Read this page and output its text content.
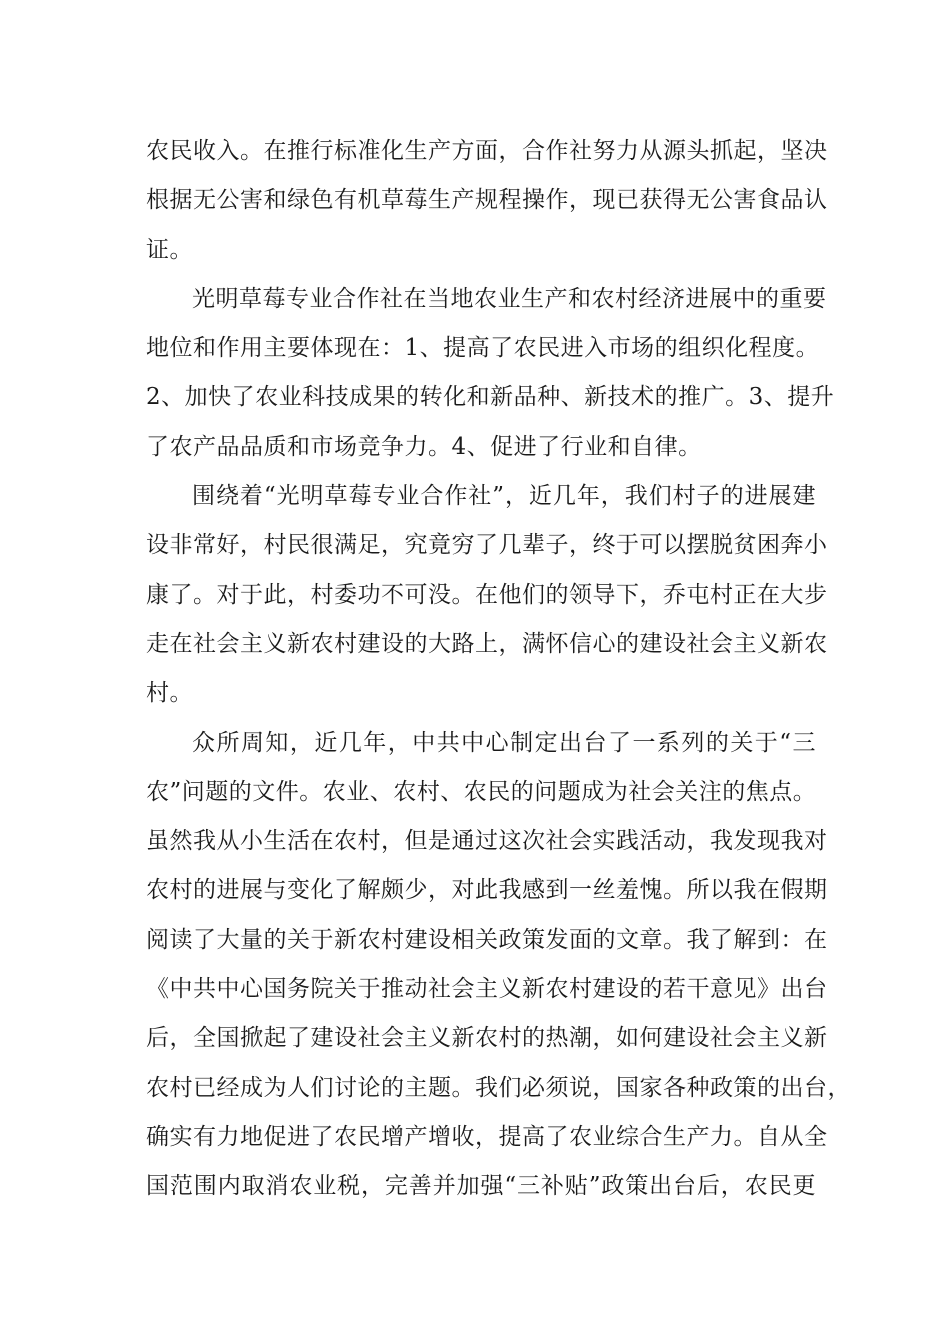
农民收入。在推行标准化生产方面，合作社努力从源头抓起，坚决
根据无公害和绿色有机草莓生产规程操作，现已获得无公害食品认
证。
光明草莓专业合作社在当地农业生产和农村经济进展中的重要
地位和作用主要体现在：1、提高了农民进入市场的组织化程度。
2、加快了农业科技成果的转化和新品种、新技术的推广。3、提升
了农产品品质和市场竞争力。4、促进了行业和自律。
围绕着“光明草莓专业合作社”，近几年，我们村子的进展建
设非常好，村民很满足，究竟穷了几辈子，终于可以摆脱贫困奔小
康了。对于此，村委功不可没。在他们的领导下，乔屯村正在大步
走在社会主义新农村建设的大路上，满怀信心的建设社会主义新农
村。
众所周知，近几年，中共中心制定出台了一系列的关于“三
农”问题的文件。农业、农村、农民的问题成为社会关注的焦点。
虽然我从小生活在农村，但是通过这次社会实践活动，我发现我对
农村的进展与变化了解颇少，对此我感到一丝羞愧。所以我在假期
阅读了大量的关于新农村建设相关政策发面的文章。我了解到：在
《中共中心国务院关于推动社会主义新农村建设的若干意见》出台
后，全国掀起了建设社会主义新农村的热潮，如何建设社会主义新
农村已经成为人们讨论的主题。我们必须说，国家各种政策的出台，
确实有力地促进了农民增产增收，提高了农业综合生产力。自从全
国范围内取消农业税，完善并加强“三补贴”政策出台后，农民更
